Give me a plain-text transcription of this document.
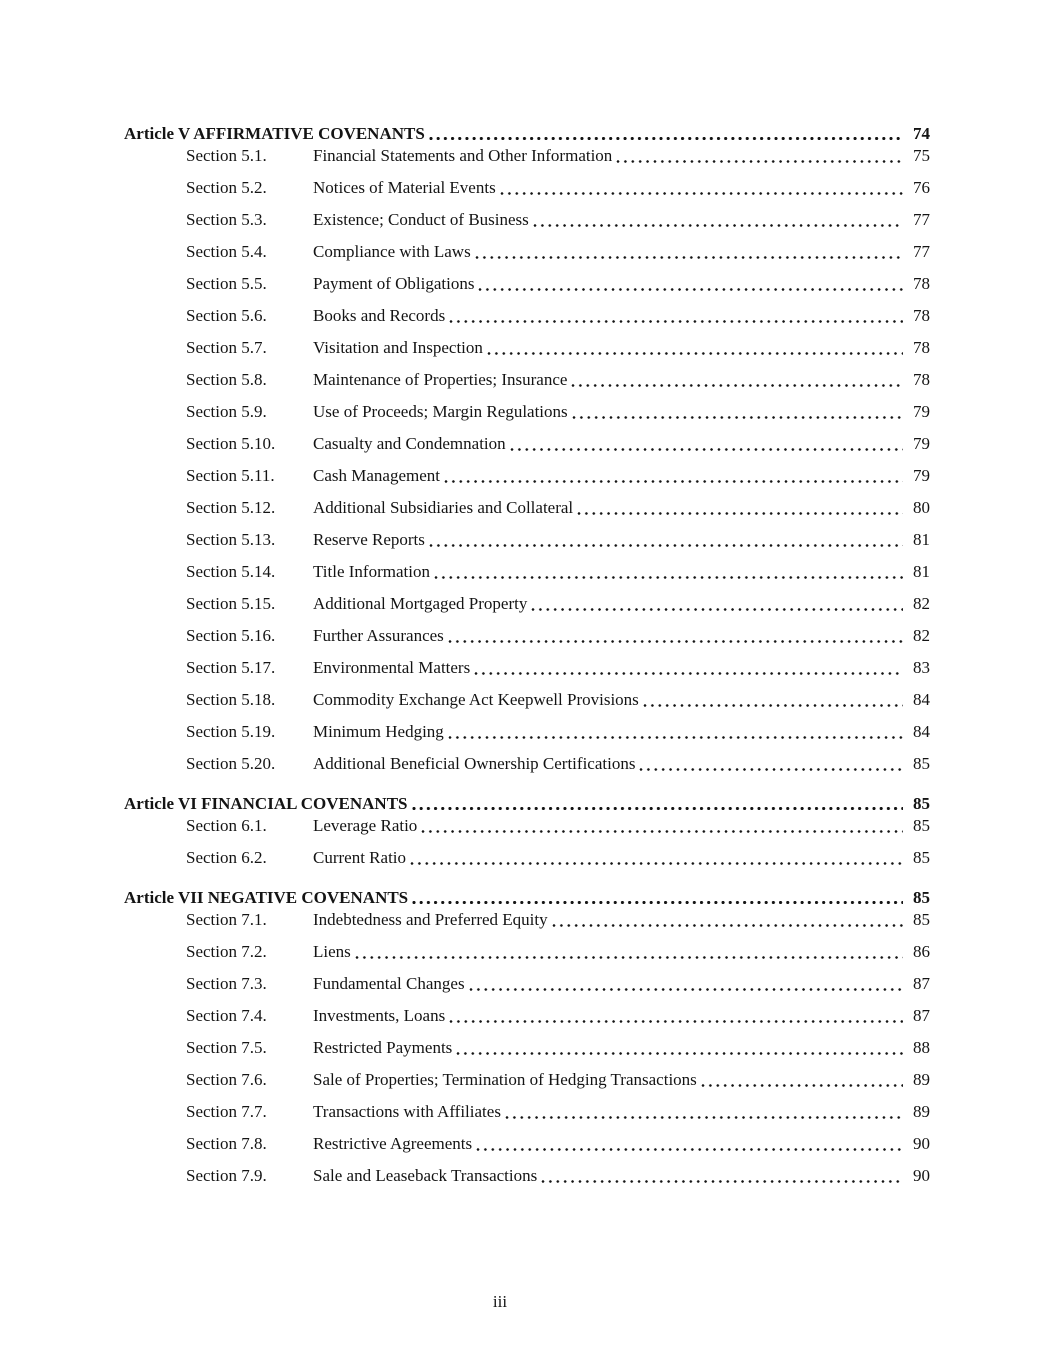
Article V AFFIRMATIVE COVENANTS	74
Section 5.1.	Financial Statements and Other Information	75
Section 5.2.	Notices of Material Events	76
Section 5.3.	Existence; Conduct of Business	77
Section 5.4.	Compliance with Laws	77
Section 5.5.	Payment of Obligations	78
Section 5.6.	Books and Records	78
Section 5.7.	Visitation and Inspection	78
Section 5.8.	Maintenance of Properties; Insurance	78
Section 5.9.	Use of Proceeds; Margin Regulations	79
Section 5.10.	Casualty and Condemnation	79
Section 5.11.	Cash Management	79
Section 5.12.	Additional Subsidiaries and Collateral	80
Section 5.13.	Reserve Reports	81
Section 5.14.	Title Information	81
Section 5.15.	Additional Mortgaged Property	82
Section 5.16.	Further Assurances	82
Section 5.17.	Environmental Matters	83
Section 5.18.	Commodity Exchange Act Keepwell Provisions	84
Section 5.19.	Minimum Hedging	84
Section 5.20.	Additional Beneficial Ownership Certifications	85
Article VI FINANCIAL COVENANTS	85
Section 6.1.	Leverage Ratio	85
Section 6.2.	Current Ratio	85
Article VII NEGATIVE COVENANTS	85
Section 7.1.	Indebtedness and Preferred Equity	85
Section 7.2.	Liens	86
Section 7.3.	Fundamental Changes	87
Section 7.4.	Investments, Loans	87
Section 7.5.	Restricted Payments	88
Section 7.6.	Sale of Properties; Termination of Hedging Transactions	89
Section 7.7.	Transactions with Affiliates	89
Section 7.8.	Restrictive Agreements	90
Section 7.9.	Sale and Leaseback Transactions	90
iii
